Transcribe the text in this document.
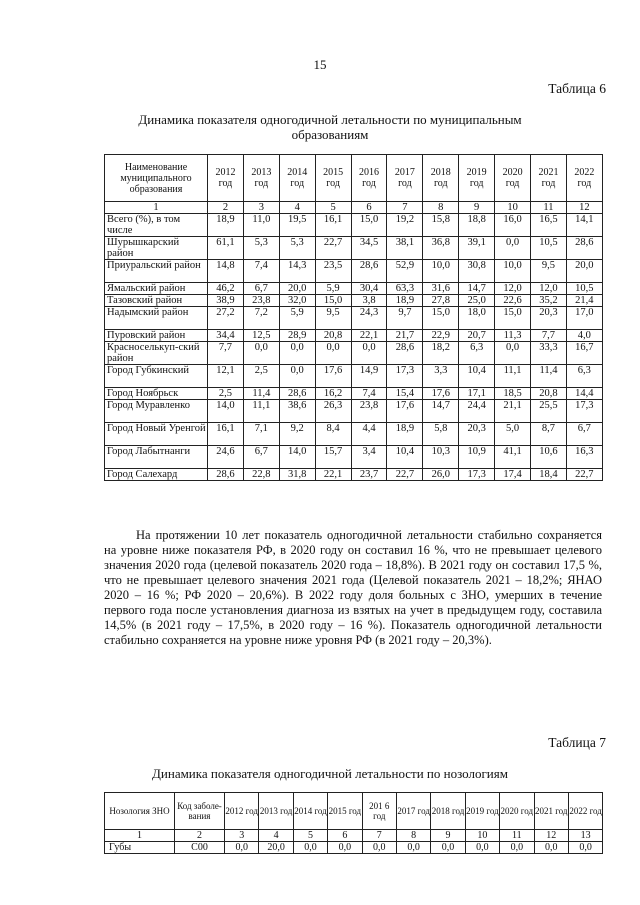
15
Таблица 6
Динамика показателя одногодичной летальности по муниципальным образованиям
Наименование муниципального образования	2012 год	2013 год	2014 год	2015 год	2016 год	2017 год	2018 год	2019 год	2020 год	2021 год	2022 год
1	2	3	4	5	6	7	8	9	10	11	12
Всего (%), в том числе	18,9	11,0	19,5	16,1	15,0	19,2	15,8	18,8	16,0	16,5	14,1
Шурышкарский район	61,1	5,3	5,3	22,7	34,5	38,1	36,8	39,1	0,0	10,5	28,6
Приуральский район	14,8	7,4	14,3	23,5	28,6	52,9	10,0	30,8	10,0	9,5	20,0
Ямальский район	46,2	6,7	20,0	5,9	30,4	63,3	31,6	14,7	12,0	12,0	10,5
Тазовский район	38,9	23,8	32,0	15,0	3,8	18,9	27,8	25,0	22,6	35,2	21,4
Надымский район	27,2	7,2	5,9	9,5	24,3	9,7	15,0	18,0	15,0	20,3	17,0
Пуровский район	34,4	12,5	28,9	20,8	22,1	21,7	22,9	20,7	11,3	7,7	4,0
Красноселькуп-ский район	7,7	0,0	0,0	0,0	0,0	28,6	18,2	6,3	0,0	33,3	16,7
Город Губкинский	12,1	2,5	0,0	17,6	14,9	17,3	3,3	10,4	11,1	11,4	6,3
Город Ноябрьск	2,5	11,4	28,6	16,2	7,4	15,4	17,6	17,1	18,5	20,8	14,4
Город Муравленко	14,0	11,1	38,6	26,3	23,8	17,6	14,7	24,4	21,1	25,5	17,3
Город Новый Уренгой	16,1	7,1	9,2	8,4	4,4	18,9	5,8	20,3	5,0	8,7	6,7
Город Лабытнанги	24,6	6,7	14,0	15,7	3,4	10,4	10,3	10,9	41,1	10,6	16,3
Город Салехард	28,6	22,8	31,8	22,1	23,7	22,7	26,0	17,3	17,4	18,4	22,7

На протяжении 10 лет показатель одногодичной летальности стабильно сохраняется на уровне ниже показателя РФ, в 2020 году он составил 16 %, что не превышает целевого значения 2020 года (целевой показатель 2020 года – 18,8%). В 2021 году он составил 17,5 %, что не превышает целевого значения 2021 года (Целевой показатель 2021 – 18,2%; ЯНАО 2020 – 16 %; РФ 2020 – 20,6%). В 2022 году доля больных с ЗНО, умерших в течение первого года после установления диагноза из взятых на учет в предыдущем году, составила 14,5% (в 2021 году – 17,5%, в 2020 году – 16 %). Показатель одногодичной летальности стабильно сохраняется на уровне ниже уровня РФ (в 2021 году – 20,3%).

Таблица 7
Динамика показателя одногодичной летальности по нозологиям
Нозология ЗНО	Код заболе-вания	2012 год	2013 год	2014 год	2015 год	201 6 год	2017 год	2018 год	2019 год	2020 год	2021 год	2022 год
1	2	3	4	5	6	7	8	9	10	11	12	13
Губы	С00	0,0	20,0	0,0	0,0	0,0	0,0	0,0	0,0	0,0	0,0	0,0
